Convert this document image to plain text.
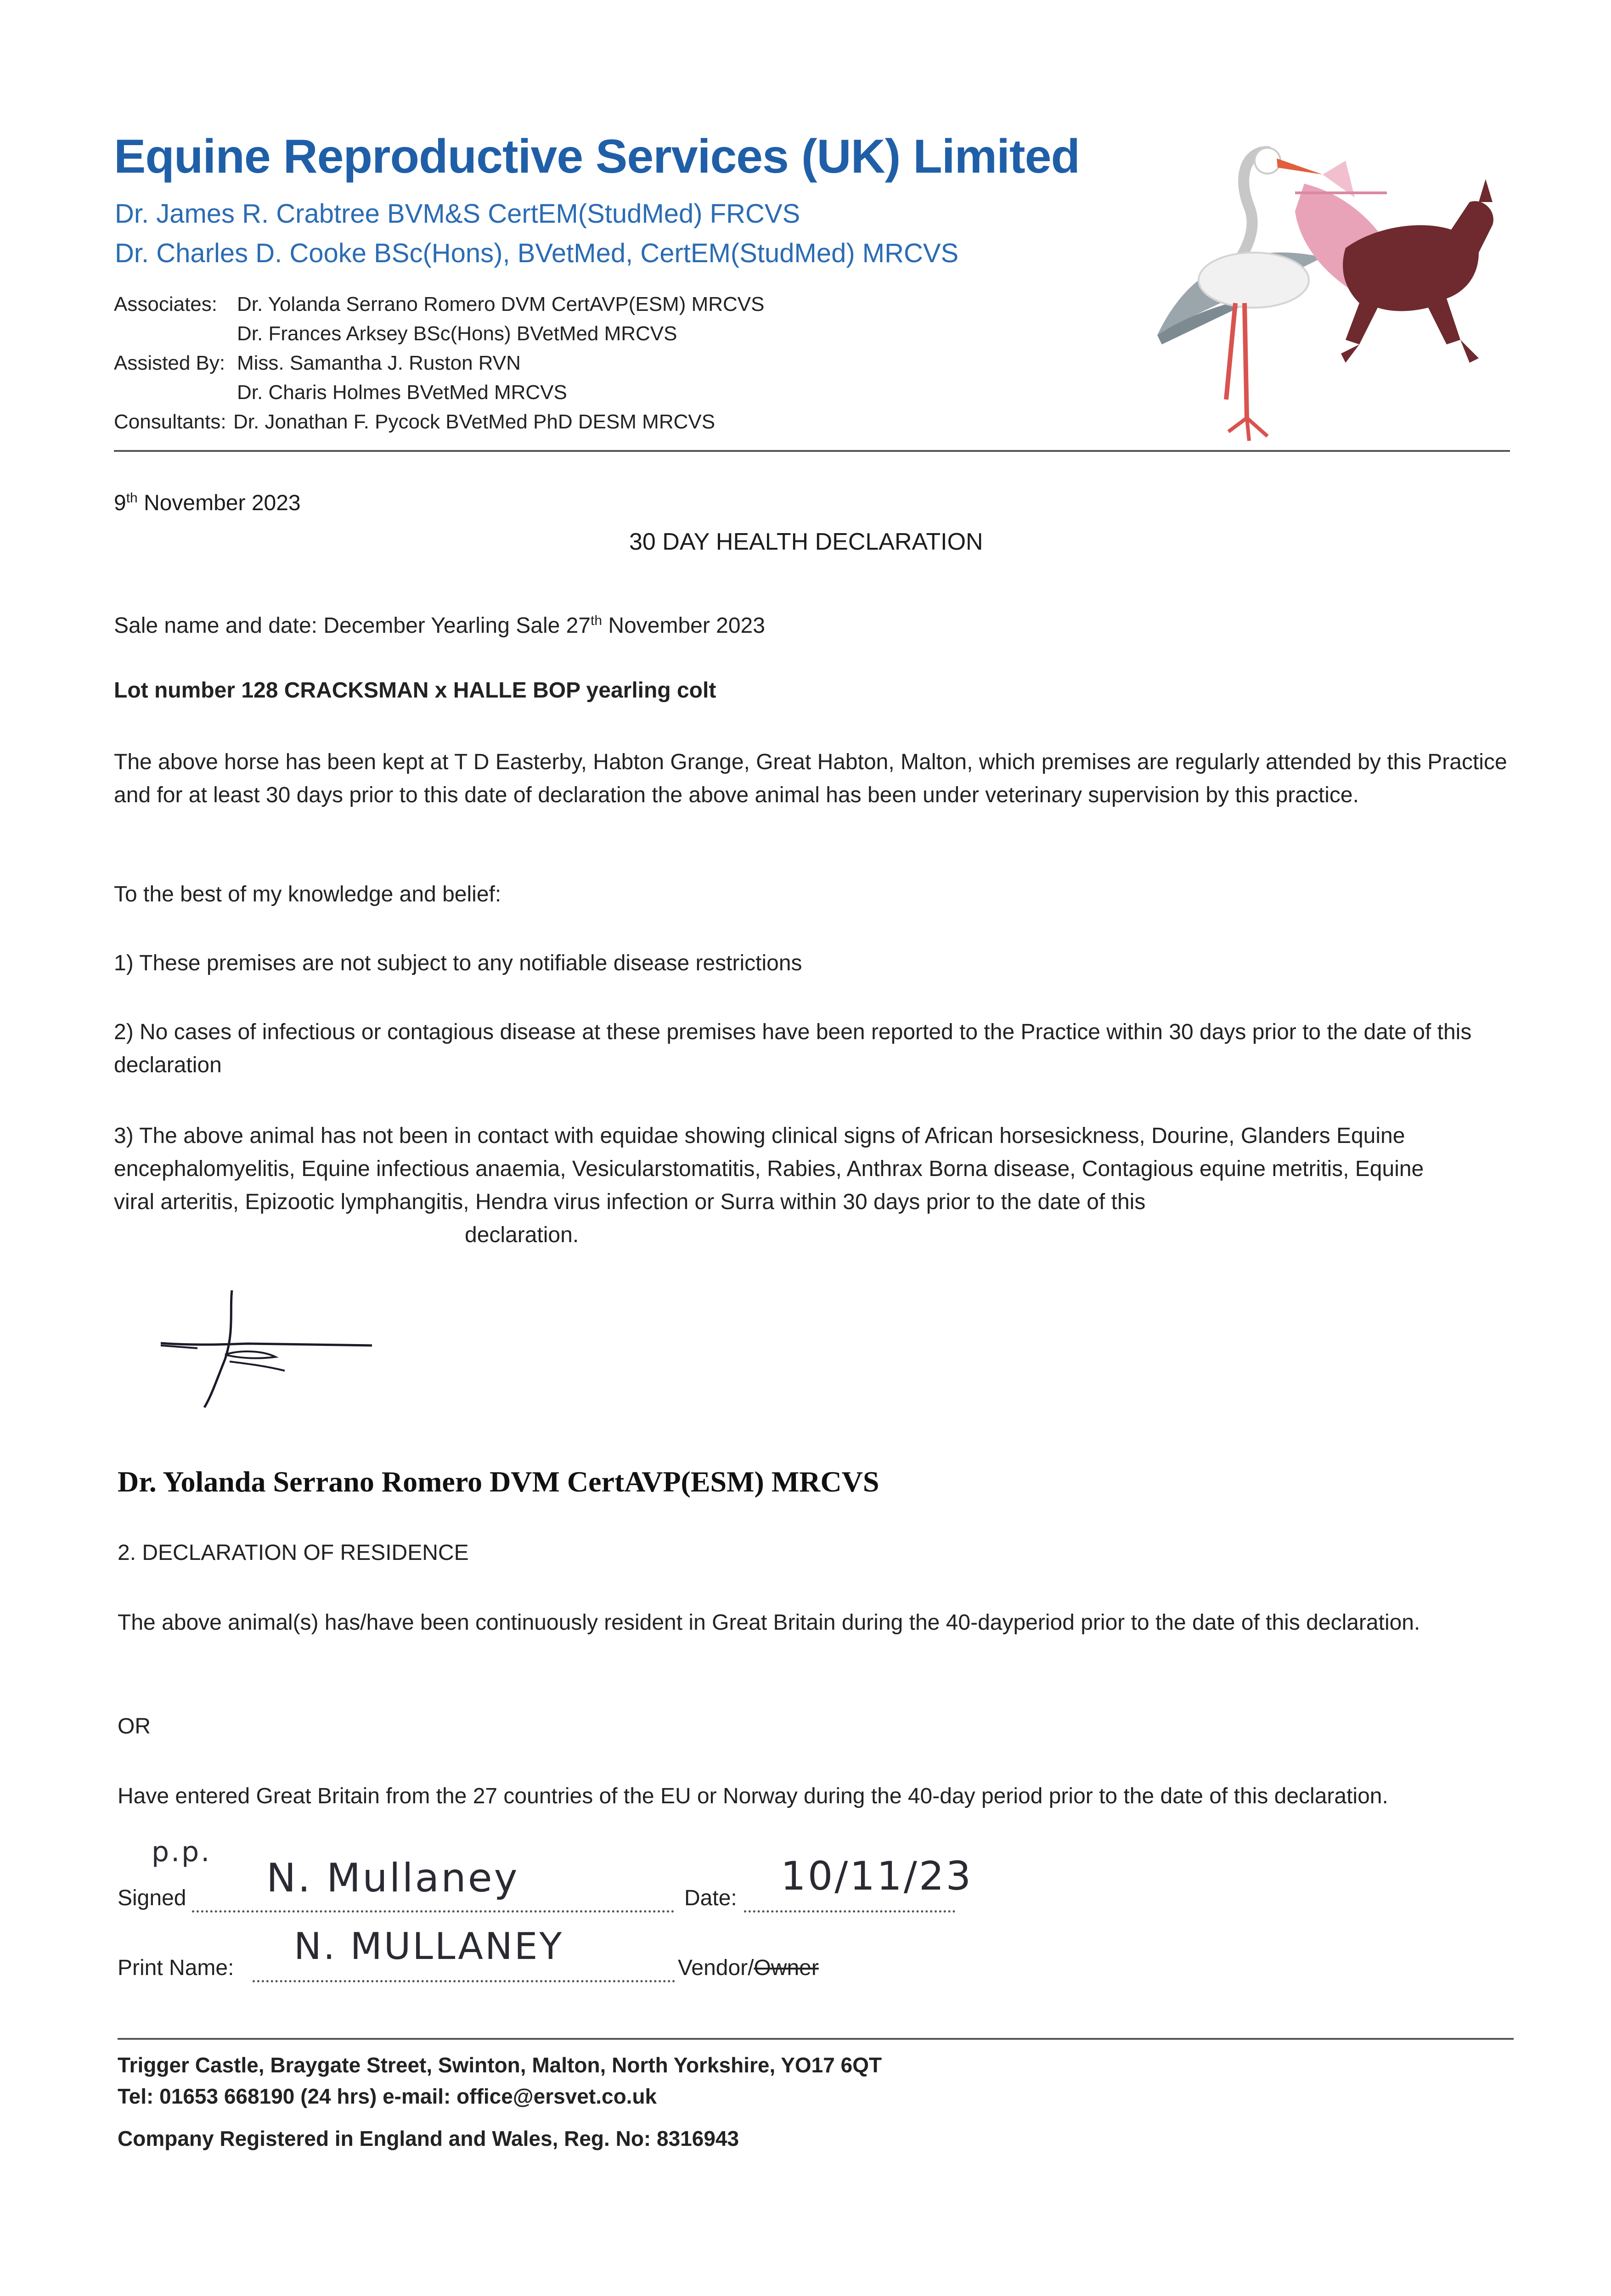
Equine Reproductive Services (UK) Limited
Dr. James R. Crabtree BVM&S CertEM(StudMed) FRCVS
Dr. Charles D. Cooke BSc(Hons), BVetMed, CertEM(StudMed) MRCVS
Associates: Dr. Yolanda Serrano Romero DVM CertAVP(ESM) MRCVS
Dr. Frances Arksey BSc(Hons) BVetMed MRCVS
Assisted By: Miss. Samantha J. Ruston RVN
Dr. Charis Holmes BVetMed MRCVS
Consultants: Dr. Jonathan F. Pycock BVetMed PhD DESM MRCVS
9th November 2023
30 DAY HEALTH DECLARATION
Sale name and date: December Yearling Sale 27th November 2023
Lot number 128 CRACKSMAN x HALLE BOP yearling colt
The above horse has been kept at T D Easterby, Habton Grange, Great Habton, Malton, which premises are regularly attended by this Practice and for at least 30 days prior to this date of declaration the above animal has been under veterinary supervision by this practice.
To the best of my knowledge and belief:
1) These premises are not subject to any notifiable disease restrictions
2) No cases of infectious or contagious disease at these premises have been reported to the Practice within 30 days prior to the date of this declaration
3) The above animal has not been in contact with equidae showing clinical signs of African horsesickness, Dourine, Glanders Equine encephalomyelitis, Equine infectious anaemia, Vesicularstomatitis, Rabies, Anthrax Borna disease, Contagious equine metritis, Equine viral arteritis, Epizootic lymphangitis, Hendra virus infection or Surra within 30 days prior to the date of this
declaration.
Dr. Yolanda Serrano Romero DVM CertAVP(ESM) MRCVS
2. DECLARATION OF RESIDENCE
The above animal(s) has/have been continuously resident in Great Britain during the 40-dayperiod prior to the date of this declaration.
OR
Have entered Great Britain from the 27 countries of the EU or Norway during the 40-day period prior to the date of this declaration.
p.p.
Signed N. Mullaney	Date: 10/11/23
Print Name:
N. MULLANEY
Vendor/Owner
Trigger Castle, Braygate Street, Swinton, Malton, North Yorkshire, YO17 6QT
Tel: 01653 668190 (24 hrs) e-mail: office@ersvet.co.uk
Company Registered in England and Wales, Reg. No: 8316943
